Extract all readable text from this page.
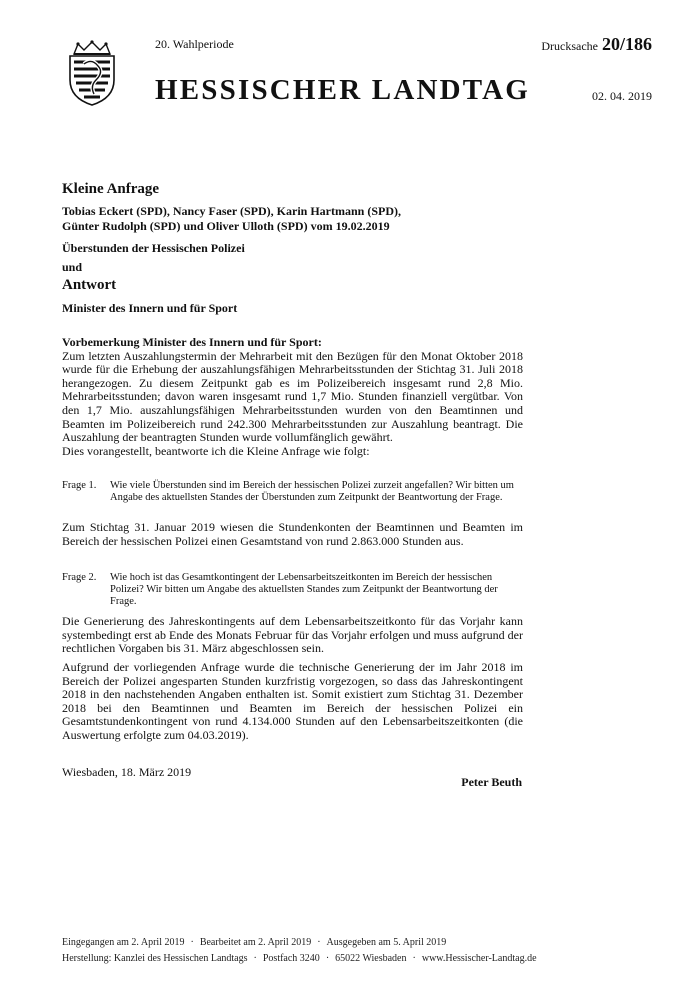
20. Wahlperiode	Drucksache 20/186
HESSISCHER LANDTAG	02. 04. 2019
Kleine Anfrage
Tobias Eckert (SPD), Nancy Faser (SPD), Karin Hartmann (SPD),
Günter Rudolph (SPD) und Oliver Ulloth (SPD) vom 19.02.2019
Überstunden der Hessischen Polizei
und
Antwort
Minister des Innern und für Sport
Vorbemerkung Minister des Innern und für Sport:
Zum letzten Auszahlungstermin der Mehrarbeit mit den Bezügen für den Monat Oktober 2018 wurde für die Erhebung der auszahlungsfähigen Mehrarbeitsstunden der Stichtag 31. Juli 2018 herangezogen. Zu diesem Zeitpunkt gab es im Polizeibereich insgesamt rund 2,8 Mio. Mehrarbeitsstunden; davon waren insgesamt rund 1,7 Mio. Stunden finanziell vergütbar. Von den 1,7 Mio. auszahlungsfähigen Mehrarbeitsstunden wurden von den Beamtinnen und Beamten im Polizeibereich rund 242.300 Mehrarbeitsstunden zur Auszahlung beantragt. Die Auszahlung der beantragten Stunden wurde vollumfänglich gewährt.
Dies vorangestellt, beantworte ich die Kleine Anfrage wie folgt:
Frage 1.	Wie viele Überstunden sind im Bereich der hessischen Polizei zurzeit angefallen? Wir bitten um Angabe des aktuellsten Standes der Überstunden zum Zeitpunkt der Beantwortung der Frage.
Zum Stichtag 31. Januar 2019 wiesen die Stundenkonten der Beamtinnen und Beamten im Bereich der hessischen Polizei einen Gesamtstand von rund 2.863.000 Stunden aus.
Frage 2.	Wie hoch ist das Gesamtkontingent der Lebensarbeitszeitkonten im Bereich der hessischen Polizei? Wir bitten um Angabe des aktuellsten Standes zum Zeitpunkt der Beantwortung der Frage.
Die Generierung des Jahreskontingents auf dem Lebensarbeitszeitkonto für das Vorjahr kann systembedingt erst ab Ende des Monats Februar für das Vorjahr erfolgen und muss aufgrund der rechtlichen Vorgaben bis 31. März abgeschlossen sein.
Aufgrund der vorliegenden Anfrage wurde die technische Generierung der im Jahr 2018 im Bereich der Polizei angesparten Stunden kurzfristig vorgezogen, so dass das Jahreskontingent 2018 in den nachstehenden Angaben enthalten ist. Somit existiert zum Stichtag 31. Dezember 2018 bei den Beamtinnen und Beamten im Bereich der hessischen Polizei ein Gesamtstundenkontingent von rund 4.134.000 Stunden auf den Lebensarbeitszeitkonten (die Auswertung erfolgte zum 04.03.2019).
Wiesbaden, 18. März 2019
Peter Beuth
Eingegangen am 2. April 2019 · Bearbeitet am 2. April 2019 · Ausgegeben am 5. April 2019
Herstellung: Kanzlei des Hessischen Landtags · Postfach 3240 · 65022 Wiesbaden · www.Hessischer-Landtag.de
